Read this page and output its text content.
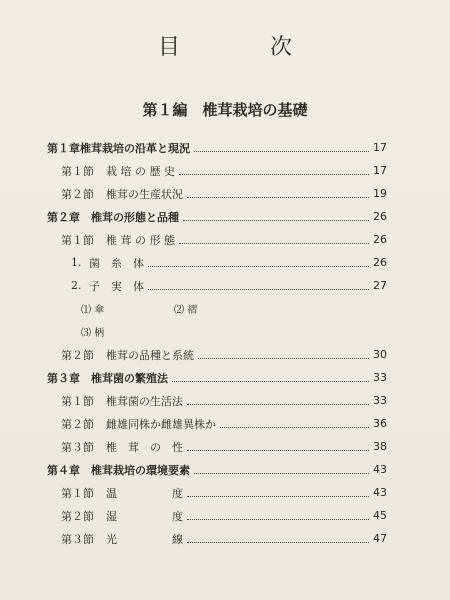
目　次
第１編　椎茸栽培の基礎
第１章椎茸栽培の沿革と現況	17
第１節	栽 培 の 歴 史	17
第２節	椎茸の生産状況	19
第２章　椎茸の形態と品種	26
第１節	椎 茸 の 形 態	26
1. 菌　糸　体	26
2. 子　実　体	27
⑴ 傘	⑵ 褶
⑶ 柄
第２節	椎茸の品種と系統	30
第３章　椎茸菌の繁殖法	33
第１節	椎茸菌の生活法	33
第２節	雌雄同株か雌雄異株か	36
第３節	椎　茸　の　性	38
第４章　椎茸栽培の環境要素	43
第１節	温　　　　　度	43
第２節	湿　　　　　度	45
第３節	光　　　　　線	47
